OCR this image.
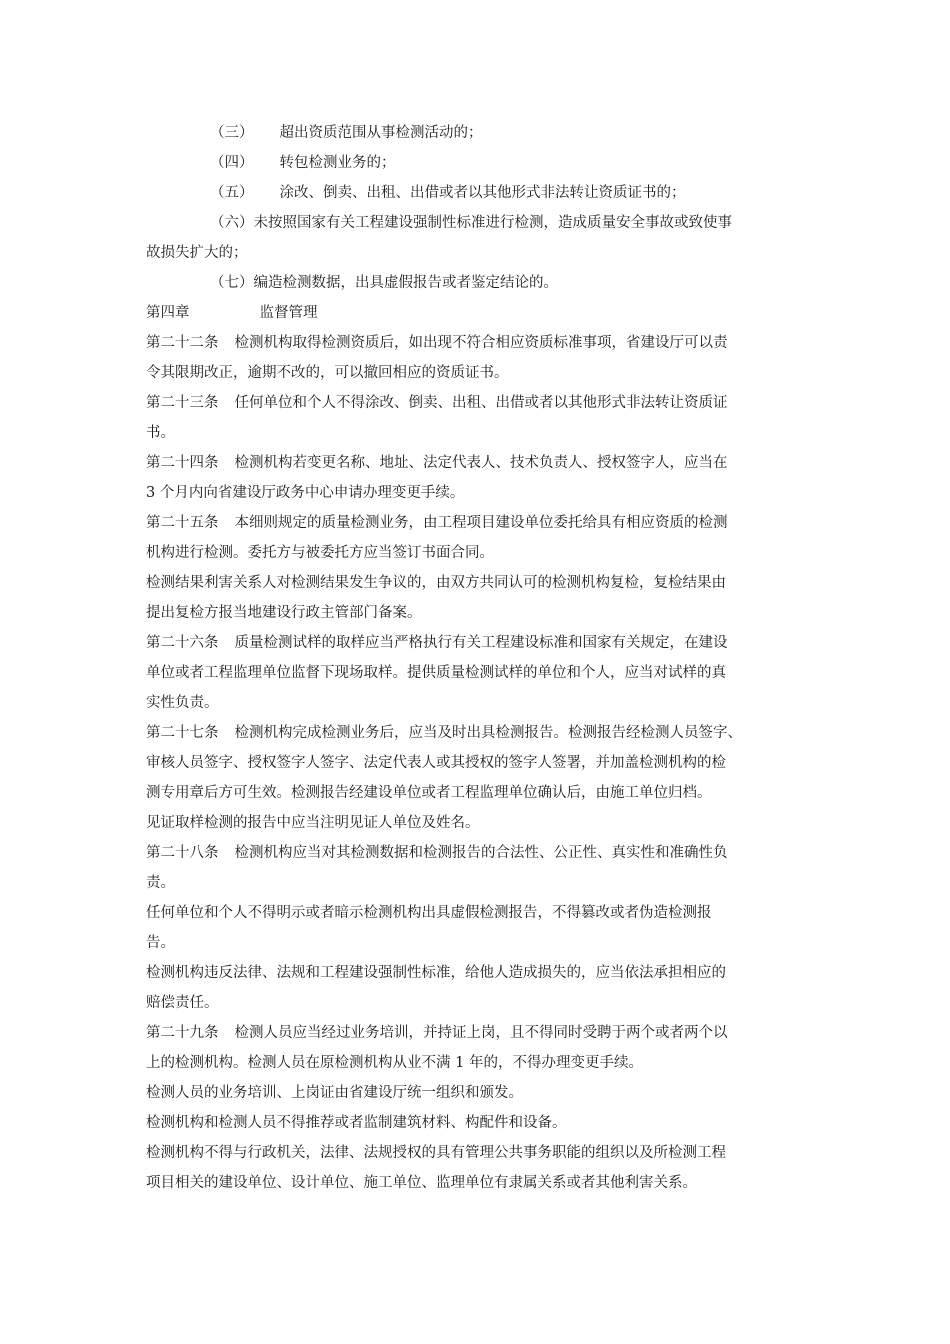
（三） 超出资质范围从事检测活动的；
（四） 转包检测业务的；
（五） 涂改、倒卖、出租、出借或者以其他形式非法转让资质证书的；
（六）未按照国家有关工程建设强制性标准进行检测，造成质量安全事故或致使事
故损失扩大的；
（七）编造检测数据，出具虚假报告或者鉴定结论的。
第四章	监督管理
第二十二条 检测机构取得检测资质后，如出现不符合相应资质标准事项，省建设厅可以责
令其限期改正，逾期不改的，可以撤回相应的资质证书。
第二十三条 任何单位和个人不得涂改、倒卖、出租、出借或者以其他形式非法转让资质证
书。
第二十四条 检测机构若变更名称、地址、法定代表人、技术负责人、授权签字人，应当在
3 个月内向省建设厅政务中心申请办理变更手续。
第二十五条 本细则规定的质量检测业务，由工程项目建设单位委托给具有相应资质的检测
机构进行检测。委托方与被委托方应当签订书面合同。
检测结果利害关系人对检测结果发生争议的，由双方共同认可的检测机构复检，复检结果由
提出复检方报当地建设行政主管部门备案。
第二十六条 质量检测试样的取样应当严格执行有关工程建设标准和国家有关规定，在建设
单位或者工程监理单位监督下现场取样。提供质量检测试样的单位和个人，应当对试样的真
实性负责。
第二十七条 检测机构完成检测业务后，应当及时出具检测报告。检测报告经检测人员签字、
审核人员签字、授权签字人签字、法定代表人或其授权的签字人签署，并加盖检测机构的检
测专用章后方可生效。检测报告经建设单位或者工程监理单位确认后，由施工单位归档。
见证取样检测的报告中应当注明见证人单位及姓名。
第二十八条 检测机构应当对其检测数据和检测报告的合法性、公正性、真实性和准确性负
责。
任何单位和个人不得明示或者暗示检测机构出具虚假检测报告，不得篡改或者伪造检测报
告。
检测机构违反法律、法规和工程建设强制性标准，给他人造成损失的，应当依法承担相应的
赔偿责任。
第二十九条 检测人员应当经过业务培训，并持证上岗，且不得同时受聘于两个或者两个以
上的检测机构。检测人员在原检测机构从业不满 1 年的，不得办理变更手续。
检测人员的业务培训、上岗证由省建设厅统一组织和颁发。
检测机构和检测人员不得推荐或者监制建筑材料、构配件和设备。
检测机构不得与行政机关，法律、法规授权的具有管理公共事务职能的组织以及所检测工程
项目相关的建设单位、设计单位、施工单位、监理单位有隶属关系或者其他利害关系。
